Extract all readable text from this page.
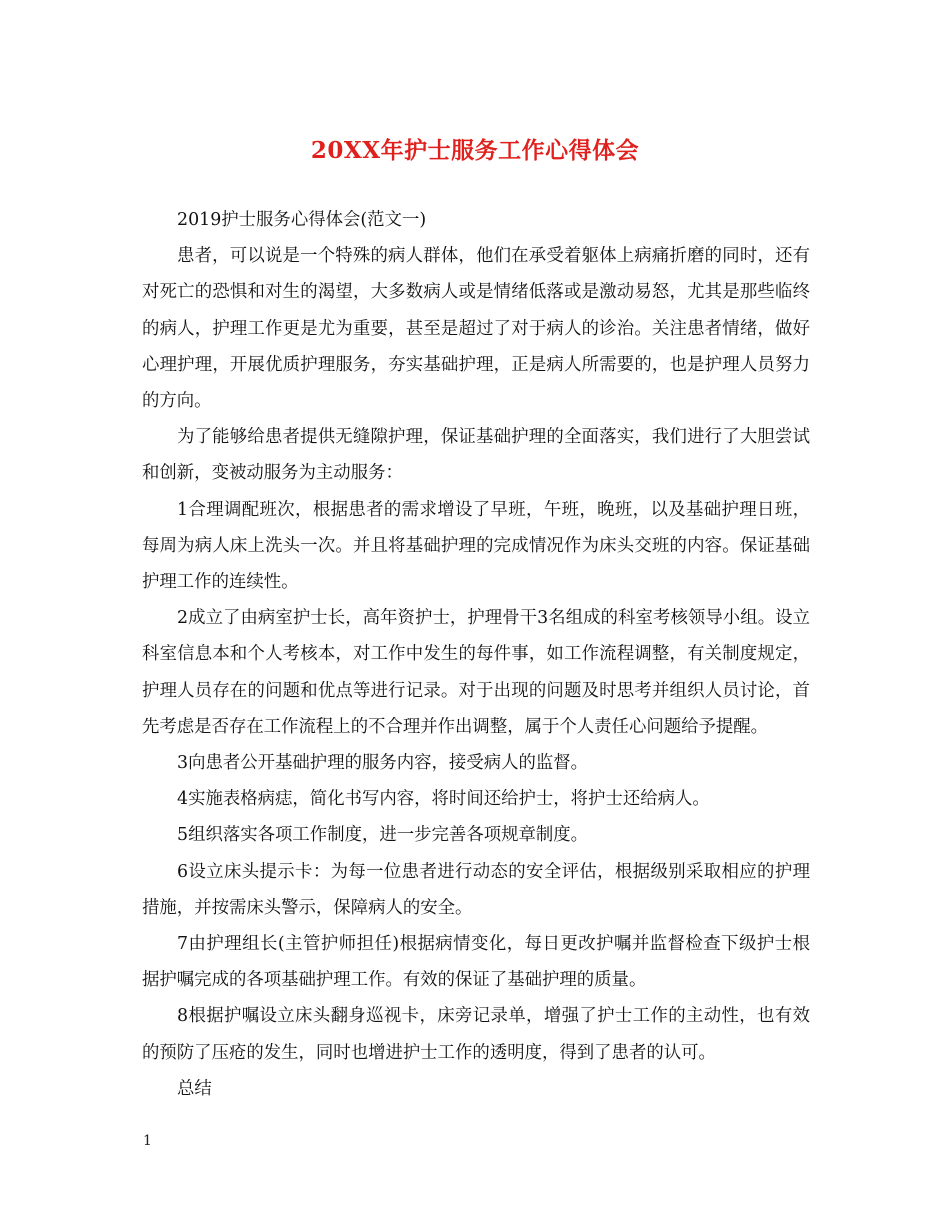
20XX年护士服务工作心得体会

2019护士服务心得体会(范文一)

患者，可以说是一个特殊的病人群体，他们在承受着躯体上病痛折磨的同时，还有对死亡的恐惧和对生的渴望，大多数病人或是情绪低落或是激动易怒，尤其是那些临终的病人，护理工作更是尤为重要，甚至是超过了对于病人的诊治。关注患者情绪，做好心理护理，开展优质护理服务，夯实基础护理，正是病人所需要的，也是护理人员努力的方向。

为了能够给患者提供无缝隙护理，保证基础护理的全面落实，我们进行了大胆尝试和创新，变被动服务为主动服务：

1合理调配班次，根据患者的需求增设了早班，午班，晚班，以及基础护理日班，每周为病人床上洗头一次。并且将基础护理的完成情况作为床头交班的内容。保证基础护理工作的连续性。

2成立了由病室护士长，高年资护士，护理骨干3名组成的科室考核领导小组。设立科室信息本和个人考核本，对工作中发生的每件事，如工作流程调整，有关制度规定，护理人员存在的问题和优点等进行记录。对于出现的问题及时思考并组织人员讨论，首先考虑是否存在工作流程上的不合理并作出调整，属于个人责任心问题给予提醒。

3向患者公开基础护理的服务内容，接受病人的监督。

4实施表格病痣，简化书写内容，将时间还给护士，将护士还给病人。

5组织落实各项工作制度，进一步完善各项规章制度。

6设立床头提示卡：为每一位患者进行动态的安全评估，根据级别采取相应的护理措施，并按需床头警示，保障病人的安全。

7由护理组长(主管护师担任)根据病情变化，每日更改护嘱并监督检查下级护士根据护嘱完成的各项基础护理工作。有效的保证了基础护理的质量。

8根据护嘱设立床头翻身巡视卡，床旁记录单，增强了护士工作的主动性，也有效的预防了压疮的发生，同时也增进护士工作的透明度，得到了患者的认可。

总结

1
